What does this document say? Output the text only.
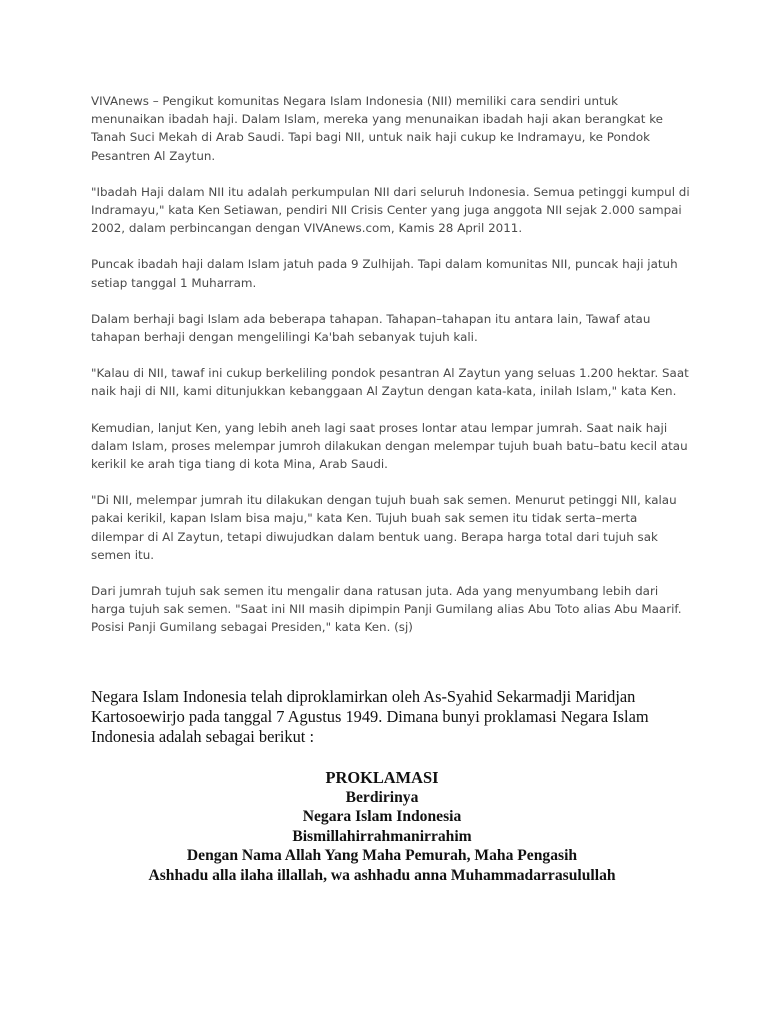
VIVAnews – Pengikut komunitas Negara Islam Indonesia (NII) memiliki cara sendiri untuk menunaikan ibadah haji. Dalam Islam, mereka yang menunaikan ibadah haji akan berangkat ke Tanah Suci Mekah di Arab Saudi. Tapi bagi NII, untuk naik haji cukup ke Indramayu, ke Pondok Pesantren Al Zaytun.

"Ibadah Haji dalam NII itu adalah perkumpulan NII dari seluruh Indonesia. Semua petinggi kumpul di Indramayu," kata Ken Setiawan, pendiri NII Crisis Center yang juga anggota NII sejak 2.000 sampai 2002, dalam perbincangan dengan VIVAnews.com, Kamis 28 April 2011.

Puncak ibadah haji dalam Islam jatuh pada 9 Zulhijah. Tapi dalam komunitas NII, puncak haji jatuh setiap tanggal 1 Muharram.

Dalam berhaji bagi Islam ada beberapa tahapan. Tahapan–tahapan itu antara lain, Tawaf atau tahapan berhaji dengan mengelilingi Ka'bah sebanyak tujuh kali.

"Kalau di NII, tawaf ini cukup berkeliling pondok pesantran Al Zaytun yang seluas 1.200 hektar. Saat naik haji di NII, kami ditunjukkan kebanggaan Al Zaytun dengan kata-kata, inilah Islam," kata Ken.

Kemudian, lanjut Ken, yang lebih aneh lagi saat proses lontar atau lempar jumrah. Saat naik haji dalam Islam, proses melempar jumroh dilakukan dengan melempar tujuh buah batu–batu kecil atau kerikil ke arah tiga tiang di kota Mina, Arab Saudi.

"Di NII, melempar jumrah itu dilakukan dengan tujuh buah sak semen. Menurut petinggi NII, kalau pakai kerikil, kapan Islam bisa maju," kata Ken. Tujuh buah sak semen itu tidak serta–merta dilempar di Al Zaytun, tetapi diwujudkan dalam bentuk uang. Berapa harga total dari tujuh sak semen itu.

Dari jumrah tujuh sak semen itu mengalir dana ratusan juta. Ada yang menyumbang lebih dari harga tujuh sak semen. "Saat ini NII masih dipimpin Panji Gumilang alias Abu Toto alias Abu Maarif. Posisi Panji Gumilang sebagai Presiden," kata Ken. (sj)

Negara Islam Indonesia telah diproklamirkan oleh As-Syahid Sekarmadji Maridjan Kartosoewirjo pada tanggal 7 Agustus 1949. Dimana bunyi proklamasi Negara Islam Indonesia adalah sebagai berikut :

PROKLAMASI
Berdirinya
Negara Islam Indonesia
Bismillahirrahmanirrahim
Dengan Nama Allah Yang Maha Pemurah, Maha Pengasih
Ashhadu alla ilaha illallah, wa ashhadu anna Muhammadarrasulullah
